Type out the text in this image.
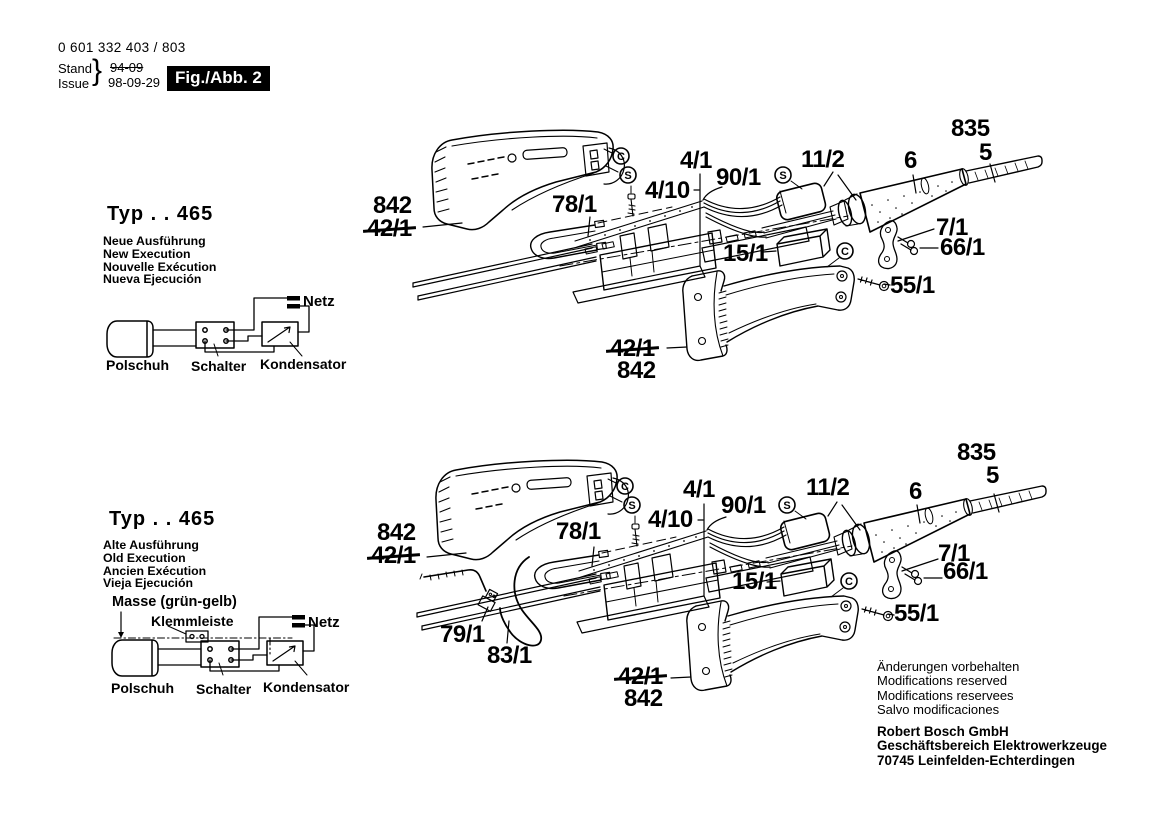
C
S	S
C
0 601 332 403 / 803
Stand
Issue } 94-09
98-09-29 Fig./Abb. 2
Typ . . 465
Neue Ausführung
New Execution
Nouvelle Exécution
Nueva Ejecución
Netz
Polschuh Schalter Kondensator
Typ . . 465
Alte Ausführung
Old Execution
Ancien Exécution
Vieja Ejecución
Masse (grün-gelb)
Klemmleiste	Netz
Polschuh Schalter Kondensator
842
42/1
78/1
4/1
4/10 90/1
11/2 6
835
5
7/1
66/1
15/1
55/1
42/1
842
842
42/1
78/1
4/1
4/10
90/1
11/2 6
835
5
7/1
66/1
15/1
55/1
79/1
83/1
42/1
842
Änderungen vorbehalten
Modifications reserved
Modifications reservees
Salvo modificaciones
Robert Bosch GmbH
Geschäftsbereich Elektrowerkzeuge
70745 Leinfelden-Echterdingen
